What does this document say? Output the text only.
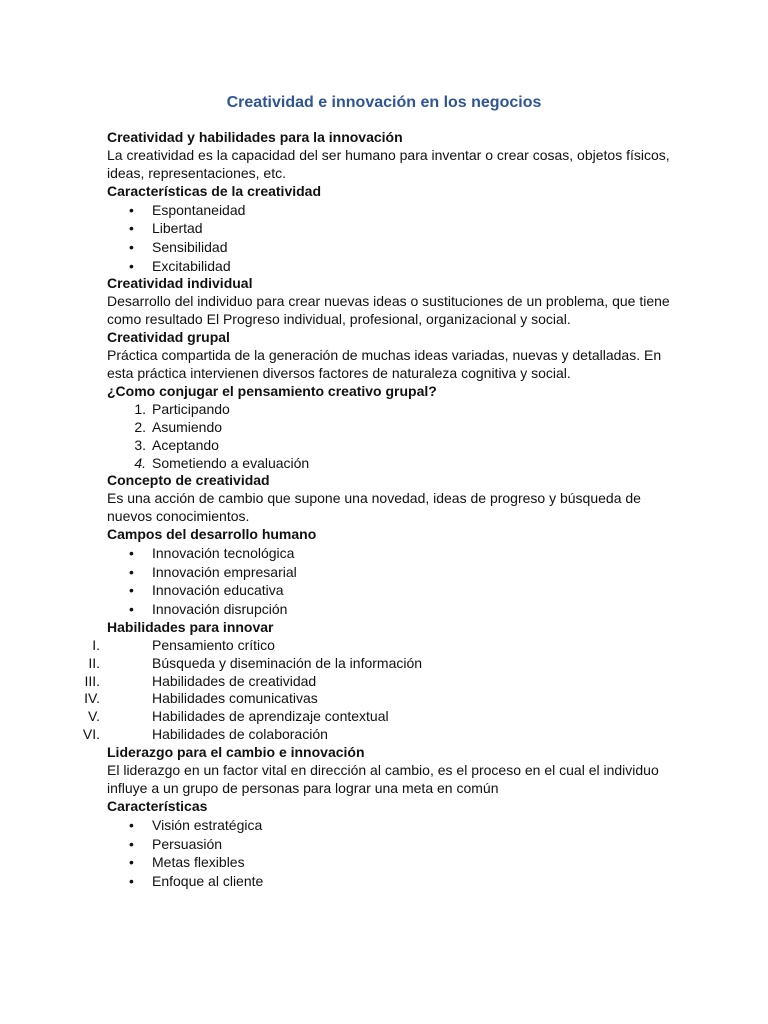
Creatividad e innovación en los negocios
Creatividad y habilidades para la innovación
La creatividad es la capacidad del ser humano para inventar o crear cosas, objetos físicos, ideas, representaciones, etc.
Características de la creatividad
• Espontaneidad
• Libertad
• Sensibilidad
• Excitabilidad
Creatividad individual
Desarrollo del individuo para crear nuevas ideas o sustituciones de un problema, que tiene como resultado El Progreso individual, profesional, organizacional y social.
Creatividad grupal
Práctica compartida de la generación de muchas ideas variadas, nuevas y detalladas. En esta práctica intervienen diversos factores de naturaleza cognitiva y social.
¿Como conjugar el pensamiento creativo grupal?
1. Participando
2. Asumiendo
3. Aceptando
4. Sometiendo a evaluación
Concepto de creatividad
Es una acción de cambio que supone una novedad, ideas de progreso y búsqueda de nuevos conocimientos.
Campos del desarrollo humano
• Innovación tecnológica
• Innovación empresarial
• Innovación educativa
• Innovación disrupción
Habilidades para innovar
I.	Pensamiento crítico
II.	Búsqueda y diseminación de la información
III.	Habilidades de creatividad
IV.	Habilidades comunicativas
V.	Habilidades de aprendizaje contextual
VI.	Habilidades de colaboración
Liderazgo para el cambio e innovación
El liderazgo en un factor vital en dirección al cambio, es el proceso en el cual el individuo influye a un grupo de personas para lograr una meta en común
Características
• Visión estratégica
• Persuasión
• Metas flexibles
• Enfoque al cliente
